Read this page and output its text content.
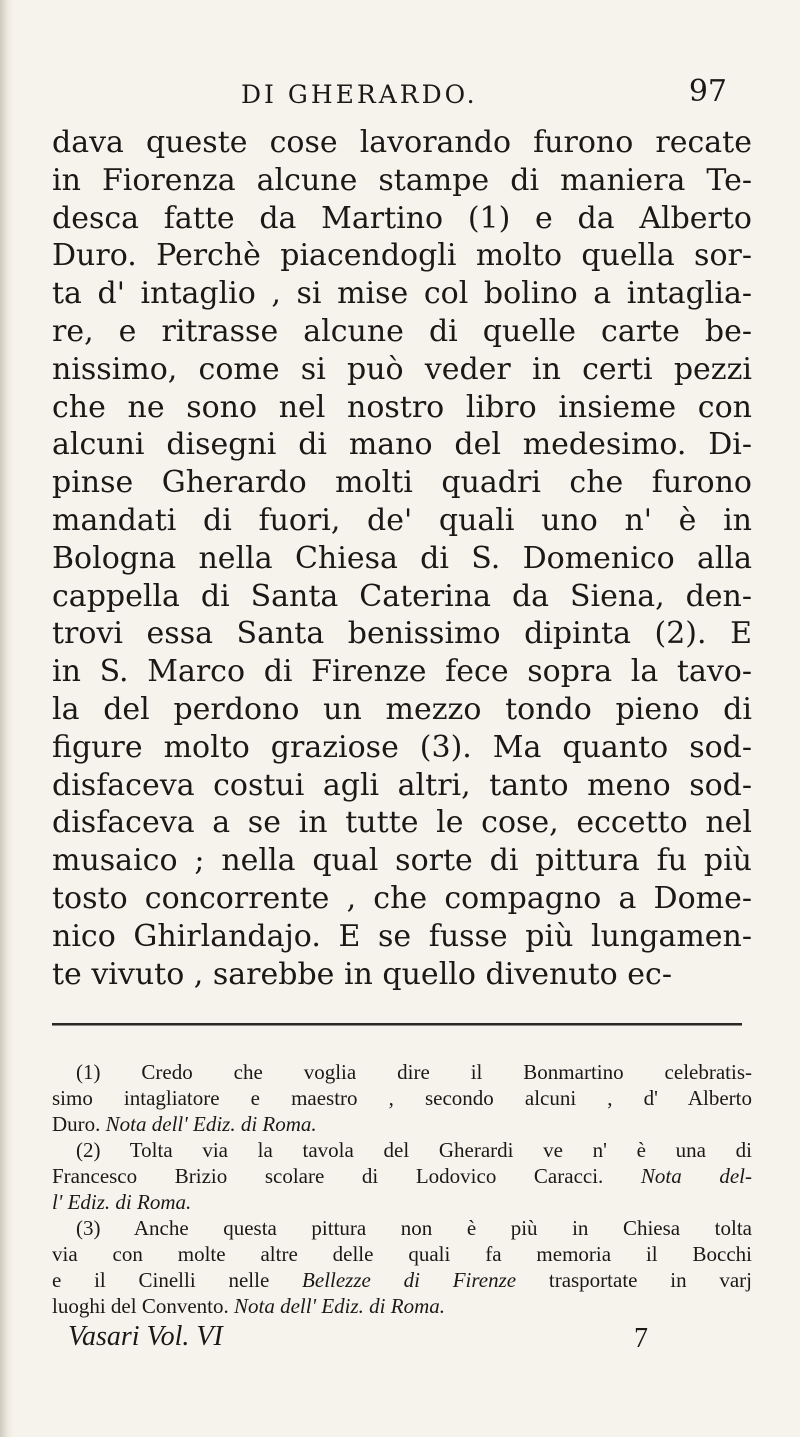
DI GHERARDO.	97
dava queste cose lavorando furono recate
in Fiorenza alcune stampe di maniera Te-
desca fatte da Martino (1) e da Alberto
Duro. Perchè piacendogli molto quella sor-
ta d' intaglio , si mise col bolino a intaglia-
re, e ritrasse alcune di quelle carte be-
nissimo, come si può veder in certi pezzi
che ne sono nel nostro libro insieme con
alcuni disegni di mano del medesimo. Di-
pinse Gherardo molti quadri che furono
mandati di fuori, de' quali uno n' è in
Bologna nella Chiesa di S. Domenico alla
cappella di Santa Caterina da Siena, den-
trovi essa Santa benissimo dipinta (2). E
in S. Marco di Firenze fece sopra la tavo-
la del perdono un mezzo tondo pieno di
figure molto graziose (3). Ma quanto sod-
disfaceva costui agli altri, tanto meno sod-
disfaceva a se in tutte le cose, eccetto nel
musaico ; nella qual sorte di pittura fu più
tosto concorrente , che compagno a Dome-
nico Ghirlandajo. E se fusse più lungamen-
te vivuto , sarebbe in quello divenuto ec-
(1) Credo che voglia dire il Bonmartino celebratis-
simo intagliatore e maestro , secondo alcuni , d' Alberto
Duro. Nota dell' Ediz. di Roma.
(2) Tolta via la tavola del Gherardi ve n' è una di
Francesco Brizio scolare di Lodovico Caracci. Nota del-
l' Ediz. di Roma.
(3) Anche questa pittura non è più in Chiesa tolta
via con molte altre delle quali fa memoria il Bocchi
e il Cinelli nelle Bellezze di Firenze trasportate in varj
luoghi del Convento. Nota dell' Ediz. di Roma.
Vasari Vol. VI	7
